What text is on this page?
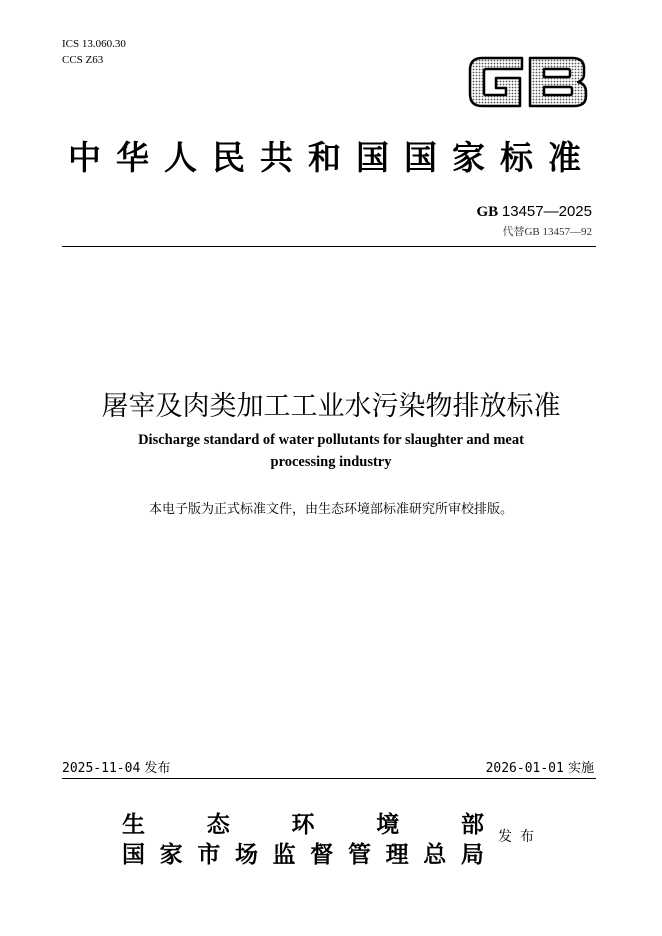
ICS 13.060.30
CCS Z63
中华人民共和国国家标准
GB 13457—2025
代替GB 13457—92
屠宰及肉类加工工业水污染物排放标准
Discharge standard of water pollutants for slaughter and meat
processing industry
本电子版为正式标准文件，由生态环境部标准研究所审校排版。
2025-11-04 发布	2026-01-01 实施
生	态	环	境	部
国 家 市 场 监 督 管 理 总 局
发布
